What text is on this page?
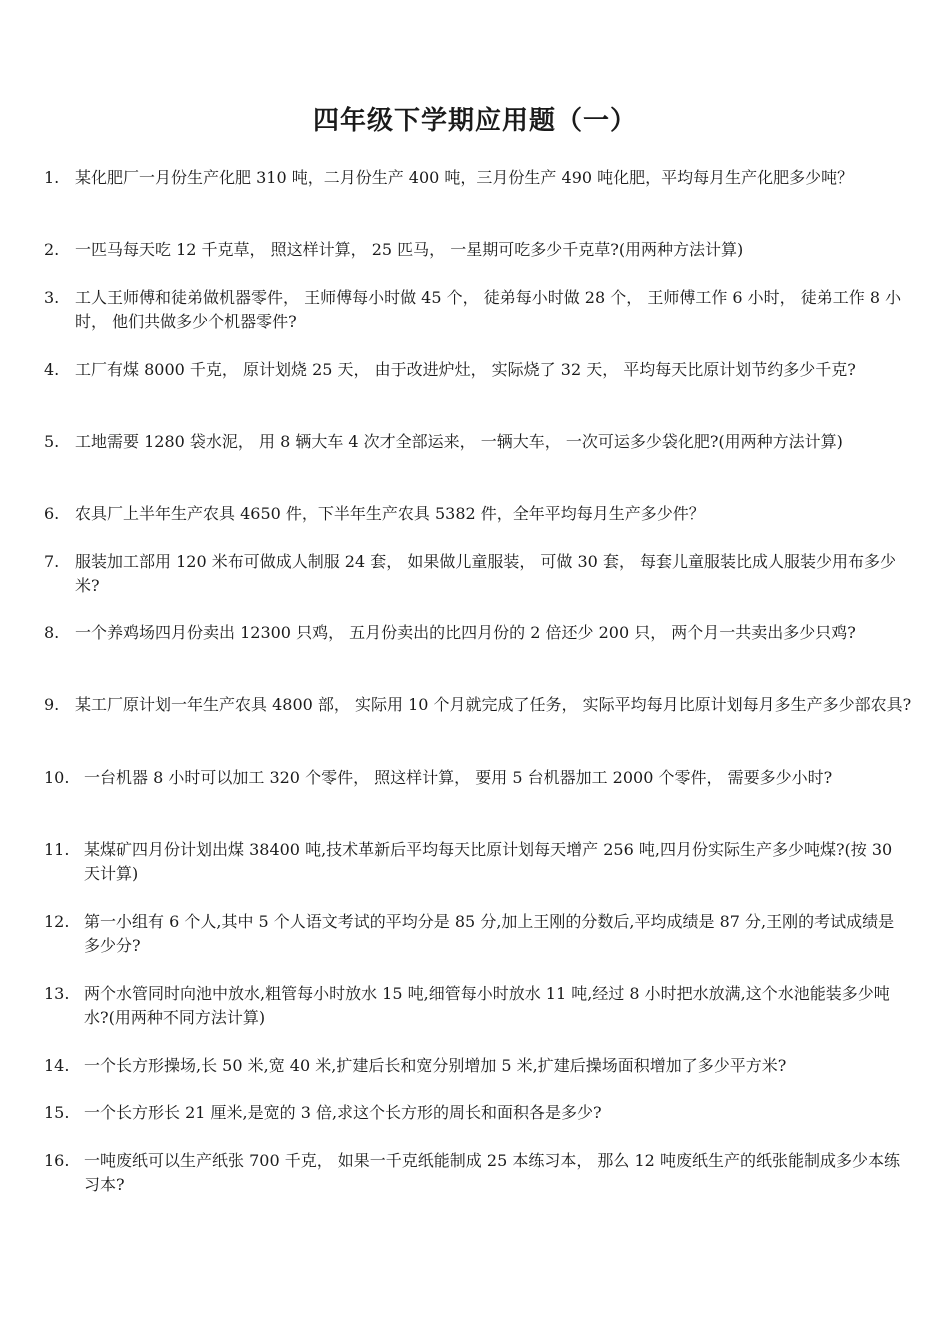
四年级下学期应用题（一）
1. 某化肥厂一月份生产化肥 310 吨，二月份生产 400 吨，三月份生产 490 吨化肥，平均每月生产化肥多少吨？
2. 一匹马每天吃 12 千克草， 照这样计算， 25 匹马， 一星期可吃多少千克草?(用两种方法计算)
3. 工人王师傅和徒弟做机器零件， 王师傅每小时做 45 个， 徒弟每小时做 28 个， 王师傅工作 6 小时， 徒弟工作 8 小时， 他们共做多少个机器零件?
4. 工厂有煤 8000 千克， 原计划烧 25 天， 由于改进炉灶， 实际烧了 32 天， 平均每天比原计划节约多少千克?
5. 工地需要 1280 袋水泥， 用 8 辆大车 4 次才全部运来， 一辆大车， 一次可运多少袋化肥?(用两种方法计算)
6. 农具厂上半年生产农具 4650 件，下半年生产农具 5382 件，全年平均每月生产多少件？
7. 服装加工部用 120 米布可做成人制服 24 套， 如果做儿童服装， 可做 30 套， 每套儿童服装比成人服装少用布多少米?
8. 一个养鸡场四月份卖出 12300 只鸡， 五月份卖出的比四月份的 2 倍还少 200 只， 两个月一共卖出多少只鸡?
9. 某工厂原计划一年生产农具 4800 部， 实际用 10 个月就完成了任务， 实际平均每月比原计划每月多生产多少部农具?
10. 一台机器 8 小时可以加工 320 个零件， 照这样计算， 要用 5 台机器加工 2000 个零件， 需要多少小时?
11. 某煤矿四月份计划出煤 38400 吨,技术革新后平均每天比原计划每天增产 256 吨,四月份实际生产多少吨煤?(按 30 天计算)
12. 第一小组有 6 个人,其中 5 个人语文考试的平均分是 85 分,加上王刚的分数后,平均成绩是 87 分,王刚的考试成绩是多少分?
13. 两个水管同时向池中放水,粗管每小时放水 15 吨,细管每小时放水 11 吨,经过 8 小时把水放满,这个水池能装多少吨水?(用两种不同方法计算)
14. 一个长方形操场,长 50 米,宽 40 米,扩建后长和宽分别增加 5 米,扩建后操场面积增加了多少平方米?
15. 一个长方形长 21 厘米,是宽的 3 倍,求这个长方形的周长和面积各是多少?
16. 一吨废纸可以生产纸张 700 千克， 如果一千克纸能制成 25 本练习本， 那么 12 吨废纸生产的纸张能制成多少本练习本?
